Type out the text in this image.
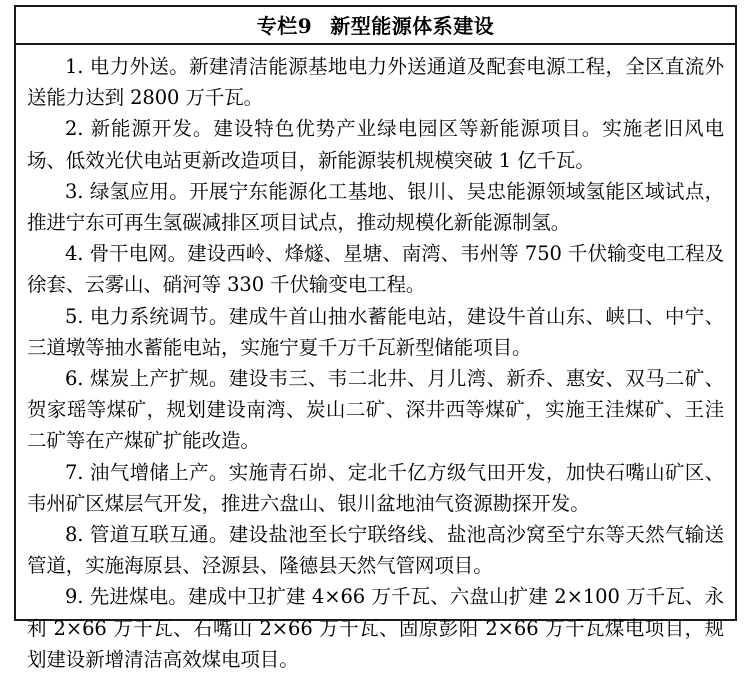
专栏9 新型能源体系建设

1. 电力外送。新建清洁能源基地电力外送通道及配套电源工程，全区直流外送能力达到 2800 万千瓦。

2. 新能源开发。建设特色优势产业绿电园区等新能源项目。实施老旧风电场、低效光伏电站更新改造项目，新能源装机规模突破 1 亿千瓦。

3. 绿氢应用。开展宁东能源化工基地、银川、吴忠能源领域氢能区域试点，推进宁东可再生氢碳减排区项目试点，推动规模化新能源制氢。

4. 骨干电网。建设西岭、烽燧、星塘、南湾、韦州等 750 千伏输变电工程及徐套、云雾山、硝河等 330 千伏输变电工程。

5. 电力系统调节。建成牛首山抽水蓄能电站，建设牛首山东、峡口、中宁、三道墩等抽水蓄能电站，实施宁夏千万千瓦新型储能项目。

6. 煤炭上产扩规。建设韦三、韦二北井、月儿湾、新乔、惠安、双马二矿、贺家瑶等煤矿，规划建设南湾、炭山二矿、深井西等煤矿，实施王洼煤矿、王洼二矿等在产煤矿扩能改造。

7. 油气增储上产。实施青石峁、定北千亿方级气田开发，加快石嘴山矿区、韦州矿区煤层气开发，推进六盘山、银川盆地油气资源勘探开发。

8. 管道互联互通。建设盐池至长宁联络线、盐池高沙窝至宁东等天然气输送管道，实施海原县、泾源县、隆德县天然气管网项目。

9. 先进煤电。建成中卫扩建 4×66 万千瓦、六盘山扩建 2×100 万千瓦、永利 2×66 万千瓦、石嘴山 2×66 万千瓦、固原彭阳 2×66 万千瓦煤电项目，规划建设新增清洁高效煤电项目。
